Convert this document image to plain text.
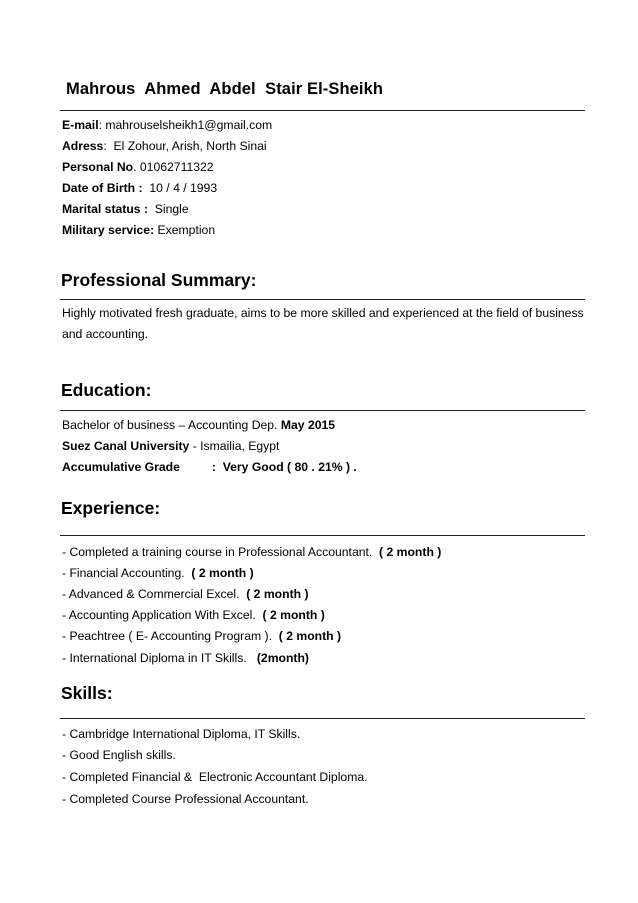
Mahrous  Ahmed  Abdel  Stair El-Sheikh
E-mail: mahrouselsheikh1@gmail.com
Adress:  El Zohour, Arish, North Sinai
Personal No. 01062711322
Date of Birth :  10 / 4 / 1993
Marital status :  Single
Military service: Exemption
Professional Summary:
Highly motivated fresh graduate, aims to be more skilled and experienced at the field of business and accounting.
Education:
Bachelor of business – Accounting Dep. May 2015
Suez Canal University - Ismailia, Egypt
Accumulative Grade	:  Very Good ( 80 . 21% ) .
Experience:
- Completed a training course in Professional Accountant.  ( 2 month )
- Financial Accounting.  ( 2 month )
- Advanced & Commercial Excel.  ( 2 month )
- Accounting Application With Excel.  ( 2 month )
- Peachtree ( E- Accounting Program ).  ( 2 month )
- International Diploma in IT Skills.   (2month)
Skills:
- Cambridge International Diploma, IT Skills.
- Good English skills.
- Completed Financial &  Electronic Accountant Diploma.
- Completed Course Professional Accountant.
